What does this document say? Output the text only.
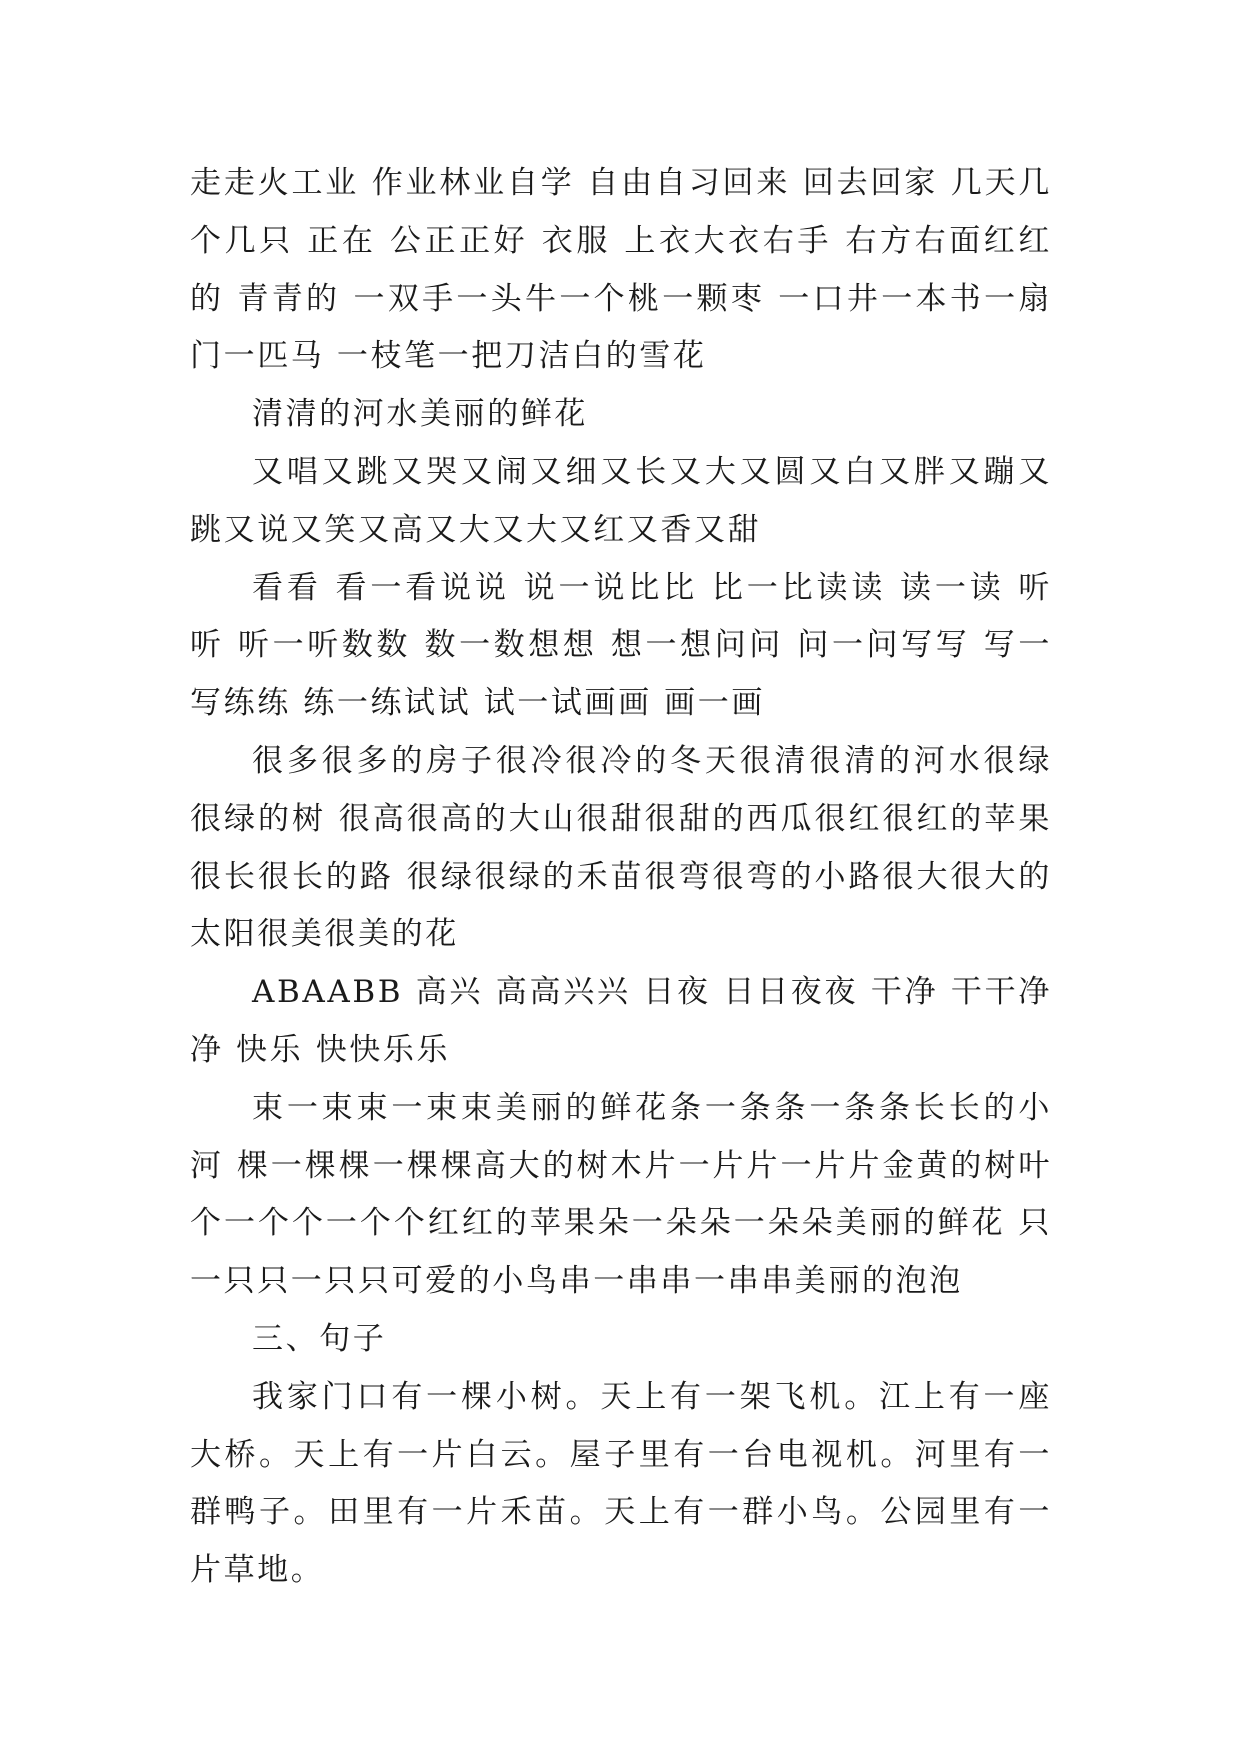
走走火工业 作业林业自学 自由自习回来 回去回家 几天几个几只 正在 公正正好 衣服 上衣大衣右手 右方右面红红的 青青的 一双手一头牛一个桃一颗枣 一口井一本书一扇门一匹马 一枝笔一把刀洁白的雪花

清清的河水美丽的鲜花

又唱又跳又哭又闹又细又长又大又圆又白又胖又蹦又跳又说又笑又高又大又大又红又香又甜

看看 看一看说说 说一说比比 比一比读读 读一读 听听 听一听数数 数一数想想 想一想问问 问一问写写 写一写练练 练一练试试 试一试画画 画一画

很多很多的房子很冷很冷的冬天很清很清的河水很绿很绿的树 很高很高的大山很甜很甜的西瓜很红很红的苹果很长很长的路 很绿很绿的禾苗很弯很弯的小路很大很大的太阳很美很美的花

ABAABB 高兴 高高兴兴 日夜 日日夜夜 干净 干干净净 快乐 快快乐乐

束一束束一束束美丽的鲜花条一条条一条条长长的小河 棵一棵棵一棵棵高大的树木片一片片一片片金黄的树叶个一个个一个个红红的苹果朵一朵朵一朵朵美丽的鲜花 只一只只一只只可爱的小鸟串一串串一串串美丽的泡泡

三、句子

我家门口有一棵小树。天上有一架飞机。江上有一座大桥。天上有一片白云。屋子里有一台电视机。河里有一群鸭子。田里有一片禾苗。天上有一群小鸟。公园里有一片草地。
